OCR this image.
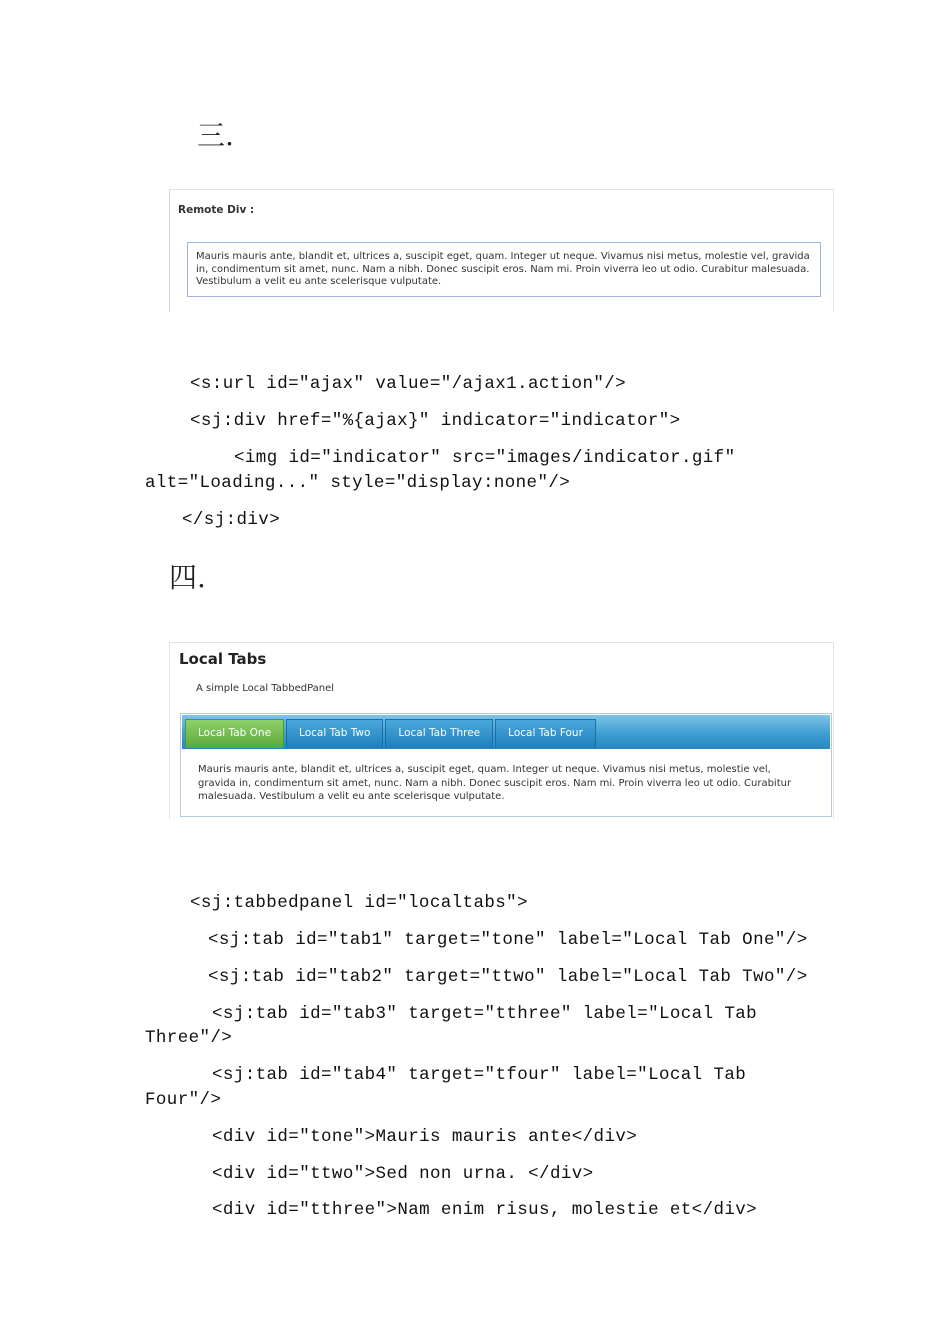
三.
Remote Div :
Mauris mauris ante, blandit et, ultrices a, suscipit eget, quam. Integer ut neque. Vivamus nisi metus, molestie vel, gravida in, condimentum sit amet, nunc. Nam a nibh. Donec suscipit eros. Nam mi. Proin viverra leo ut odio. Curabitur malesuada. Vestibulum a velit eu ante scelerisque vulputate.
<s:url id="ajax" value="/ajax1.action"/>
<sj:div href="%{ajax}" indicator="indicator">
<img id="indicator" src="images/indicator.gif"
alt="Loading..." style="display:none"/>
</sj:div>
四.
Local Tabs
A simple Local TabbedPanel
Local Tab One	Local Tab Two	Local Tab Three	Local Tab Four
Mauris mauris ante, blandit et, ultrices a, suscipit eget, quam. Integer ut neque. Vivamus nisi metus, molestie vel, gravida in, condimentum sit amet, nunc. Nam a nibh. Donec suscipit eros. Nam mi. Proin viverra leo ut odio. Curabitur malesuada. Vestibulum a velit eu ante scelerisque vulputate.
<sj:tabbedpanel id="localtabs">
<sj:tab id="tab1" target="tone" label="Local Tab One"/>
<sj:tab id="tab2" target="ttwo" label="Local Tab Two"/>
<sj:tab id="tab3" target="tthree" label="Local Tab
Three"/>
<sj:tab id="tab4" target="tfour" label="Local Tab
Four"/>
<div id="tone">Mauris mauris ante</div>
<div id="ttwo">Sed non urna. </div>
<div id="tthree">Nam enim risus, molestie et</div>
